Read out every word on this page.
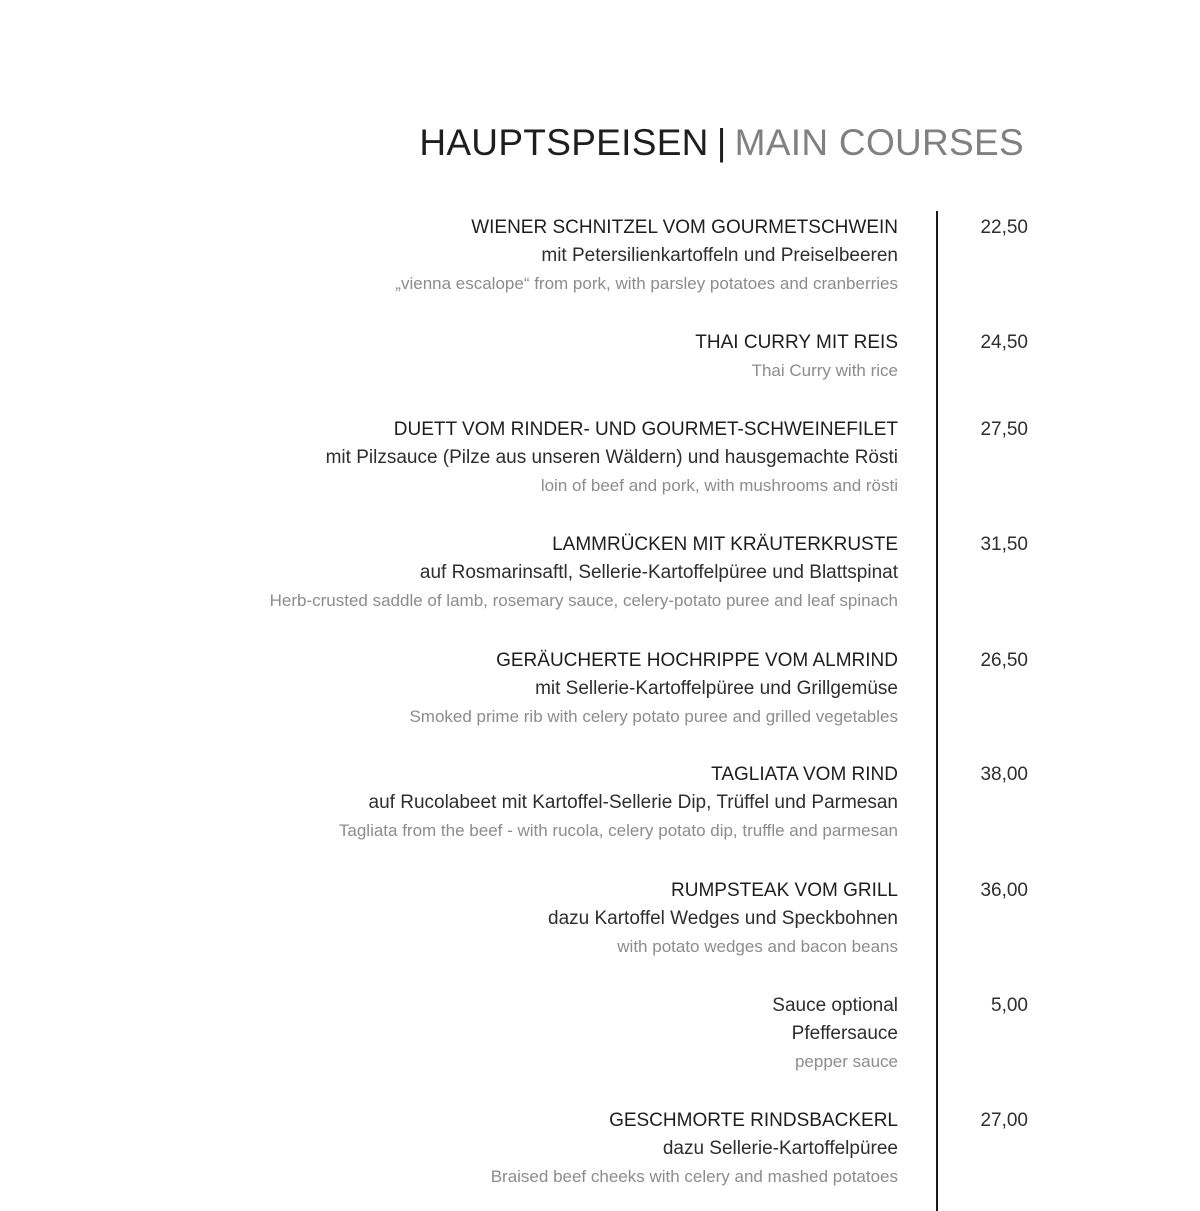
HAUPTSPEISEN | MAIN COURSES
WIENER SCHNITZEL VOM GOURMETSCHWEIN
mit Petersilienkartoffeln und Preiselbeeren
„vienna escalope“ from pork, with parsley potatoes and cranberries
22,50
THAI CURRY MIT REIS
Thai Curry with rice
24,50
DUETT VOM RINDER- UND GOURMET-SCHWEINEFILET
mit Pilzsauce (Pilze aus unseren Wäldern) und hausgemachte Rösti
loin of beef and pork, with mushrooms and rösti
27,50
LAMMRÜCKEN MIT KRÄUTERKRUSTE
auf Rosmarinsaftl, Sellerie-Kartoffelpüree und Blattspinat
Herb-crusted saddle of lamb, rosemary sauce, celery-potato puree and leaf spinach
31,50
GERÄUCHERTE HOCHRIPPE VOM ALMRIND
mit Sellerie-Kartoffelpüree und Grillgemüse
Smoked prime rib with celery potato puree and grilled vegetables
26,50
TAGLIATA VOM RIND
auf Rucolabeet mit Kartoffel-Sellerie Dip, Trüffel und Parmesan
Tagliata from the beef - with rucola, celery potato dip, truffle and parmesan
38,00
RUMPSTEAK VOM GRILL
dazu Kartoffel Wedges und Speckbohnen
with potato wedges and bacon beans
36,00
Sauce optional
Pfeffersauce
pepper sauce
5,00
GESCHMORTE RINDSBACKERL
dazu Sellerie-Kartoffelpüree
Braised beef cheeks with celery and mashed potatoes
27,00
